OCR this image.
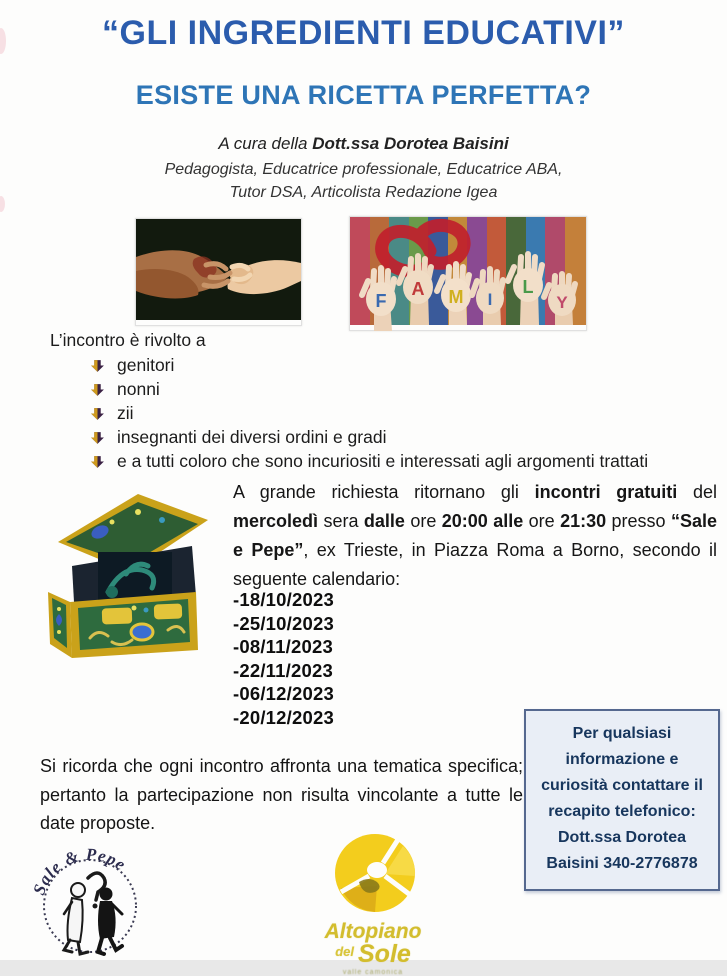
“GLI INGREDIENTI EDUCATIVI”
ESISTE UNA RICETTA PERFETTA?
A cura della Dott.ssa Dorotea Baisini
Pedagogista, Educatrice professionale, Educatrice ABA,
Tutor DSA, Articolista Redazione Igea
F
A M I
L
Y
L’incontro è rivolto a
genitori
nonni
zii
insegnanti dei diversi ordini e gradi
e a tutti coloro che sono incuriositi e interessati agli argomenti trattati
A grande richiesta ritornano gli incontri gratuiti del mercoledì sera dalle ore 20:00 alle ore 21:30 presso “Sale e Pepe”, ex Trieste, in Piazza Roma a Borno, secondo il seguente calendario:
-18/10/2023
-25/10/2023
-08/11/2023
-22/11/2023
-06/12/2023
-20/12/2023
Per qualsiasi informazione e curiosità contattare il recapito telefonico: Dott.ssa Dorotea Baisini 340-2776878
Si ricorda che ogni incontro affronta una tematica specifica; pertanto la partecipazione non risulta vincolante a tutte le date proposte.
Sale & Pepe
Altopiano
del Sole
valle camonica
